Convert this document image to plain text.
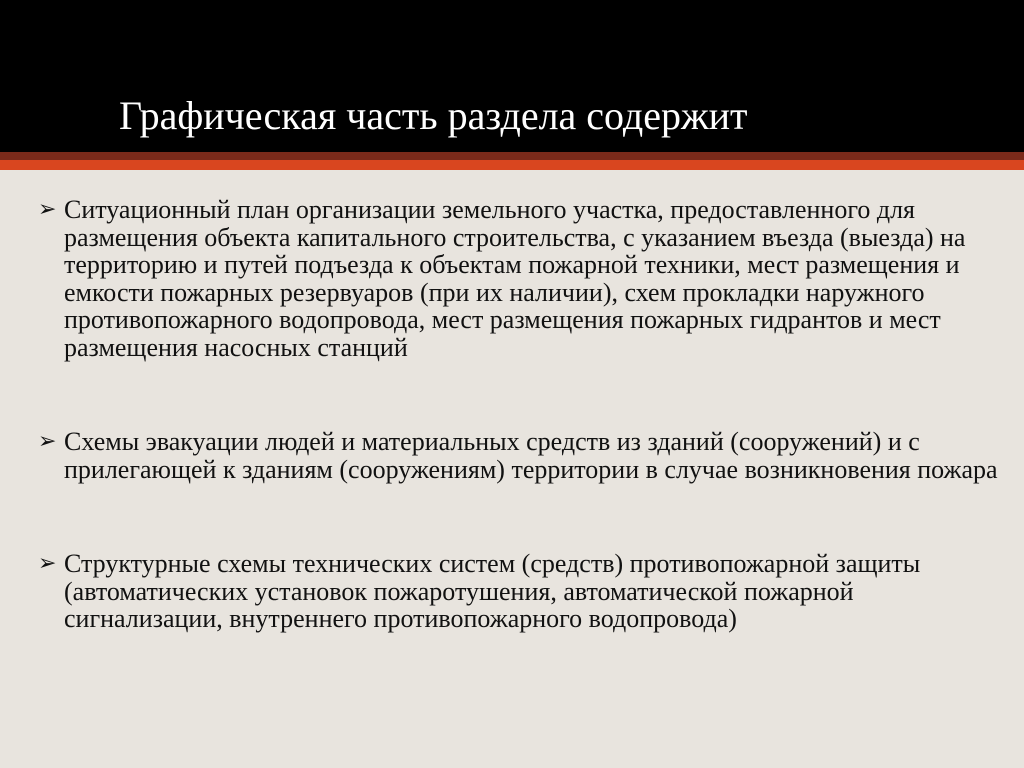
Графическая часть раздела содержит
➢ Ситуационный план организации земельного участка, предоставленного для размещения объекта капитального строительства, с указанием въезда (выезда) на территорию и путей подъезда к объектам пожарной техники, мест размещения и емкости пожарных резервуаров (при их наличии), схем прокладки наружного противопожарного водопровода, мест размещения пожарных гидрантов и мест размещения насосных станций
➢ Схемы эвакуации людей и материальных средств из зданий (сооружений) и с прилегающей к зданиям (сооружениям) территории в случае возникновения пожара
➢ Структурные схемы технических систем (средств) противопожарной защиты (автоматических установок пожаротушения, автоматической пожарной сигнализации, внутреннего противопожарного водопровода)
